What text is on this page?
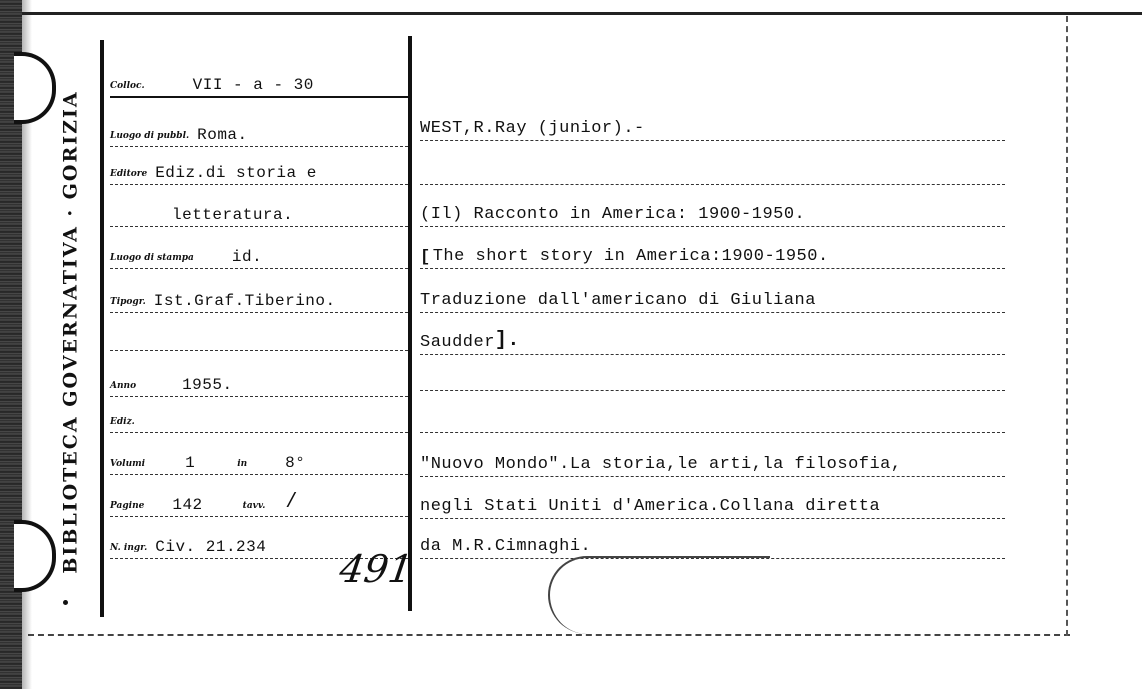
BIBLIOTECA GOVERNATIVA · GORIZIA
Colloc.	VII - a - 30
Luogo di pubbl. Roma.
Editore Ediz.di storia e
letteratura.
Luogo di stampa id.
Tipogr. Ist.Graf.Tiberino.
Anno	1955.
Ediz.
Volumi	1	in 8°
Pagine 142	tavv. /
N. ingr. Civ. 21.234 491
WEST,R.Ray (junior).-
(Il) Racconto in America: 1900-1950.
[ The short story in America:1900-1950.
Traduzione dall'americano di Giuliana
Saudder ].
"Nuovo Mondo".La storia,le arti,la filosofia,
negli Stati Uniti d'America.Collana diretta
da M.R.Cimnaghi.
